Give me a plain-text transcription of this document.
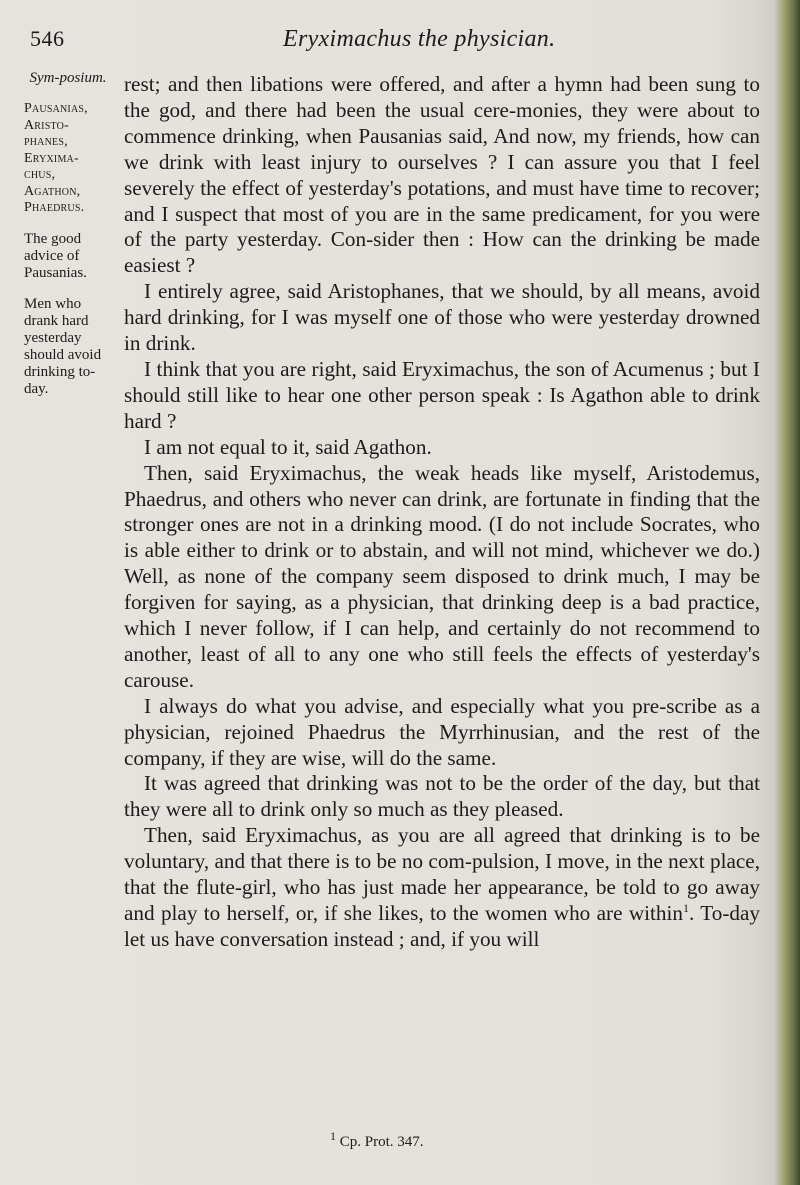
546	Eryximachus the physician.
Sym-posium.
Pausanias,
Aristo-
phanes,
Eryxima-
chus,
Agathon,
Phaedrus.
The good advice of Pausanias.
Men who drank hard yesterday should avoid drinking to-day.

rest; and then libations were offered, and after a hymn had been sung to the god, and there had been the usual cere-monies, they were about to commence drinking, when Pausanias said, And now, my friends, how can we drink with least injury to ourselves ? I can assure you that I feel severely the effect of yesterday's potations, and must have time to recover; and I suspect that most of you are in the same predicament, for you were of the party yesterday. Con-sider then : How can the drinking be made easiest ?

I entirely agree, said Aristophanes, that we should, by all means, avoid hard drinking, for I was myself one of those who were yesterday drowned in drink.

I think that you are right, said Eryximachus, the son of Acumenus ; but I should still like to hear one other person speak : Is Agathon able to drink hard ?

I am not equal to it, said Agathon.

Then, said Eryximachus, the weak heads like myself, Aristodemus, Phaedrus, and others who never can drink, are fortunate in finding that the stronger ones are not in a drinking mood. (I do not include Socrates, who is able either to drink or to abstain, and will not mind, whichever we do.) Well, as none of the company seem disposed to drink much, I may be forgiven for saying, as a physician, that drinking deep is a bad practice, which I never follow, if I can help, and certainly do not recommend to another, least of all to any one who still feels the effects of yesterday's carouse.

I always do what you advise, and especially what you pre-scribe as a physician, rejoined Phaedrus the Myrrhinusian, and the rest of the company, if they are wise, will do the same.

It was agreed that drinking was not to be the order of the day, but that they were all to drink only so much as they pleased.

Then, said Eryximachus, as you are all agreed that drinking is to be voluntary, and that there is to be no com-pulsion, I move, in the next place, that the flute-girl, who has just made her appearance, be told to go away and play to herself, or, if she likes, to the women who are within$^1$. To-day let us have conversation instead ; and, if you will

$^1$ Cp. Prot. 347.
